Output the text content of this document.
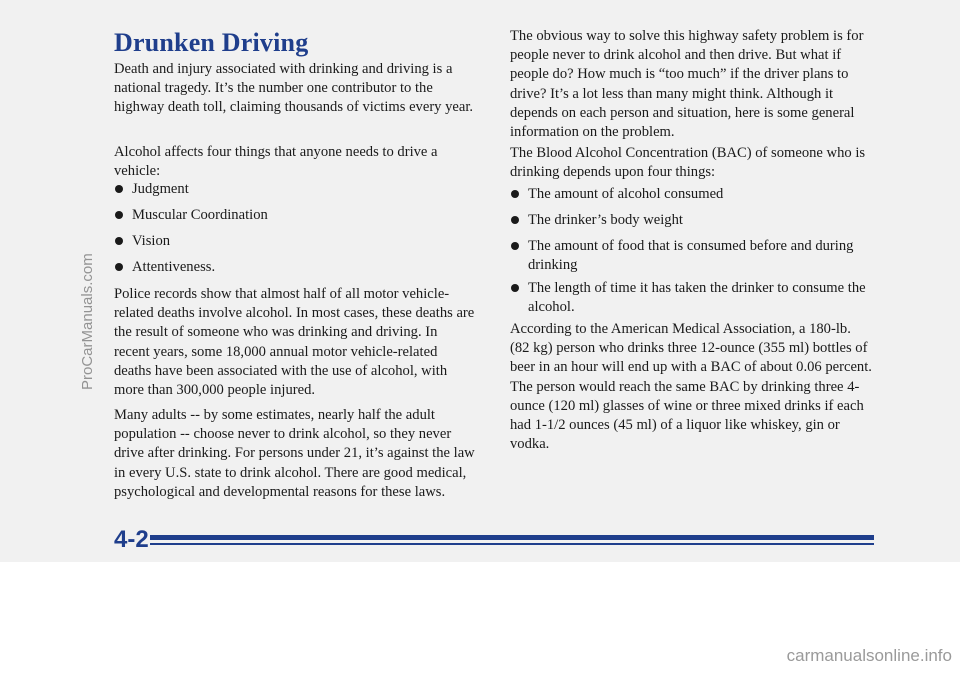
Drunken Driving

Death and injury associated with drinking and driving is a national tragedy. It’s the number one contributor to the highway death toll, claiming thousands of victims every year.

Alcohol affects four things that anyone needs to drive a vehicle:

Judgment
Muscular Coordination
Vision
Attentiveness.

Police records show that almost half of all motor vehicle-related deaths involve alcohol. In most cases, these deaths are the result of someone who was drinking and driving. In recent years, some 18,000 annual motor vehicle-related deaths have been associated with the use of alcohol, with more than 300,000 people injured.

Many adults -- by some estimates, nearly half the adult population -- choose never to drink alcohol, so they never drive after drinking. For persons under 21, it’s against the law in every U.S. state to drink alcohol. There are good medical, psychological and developmental reasons for these laws.

The obvious way to solve this highway safety problem is for people never to drink alcohol and then drive. But what if people do? How much is “too much” if the driver plans to drive? It’s a lot less than many might think. Although it depends on each person and situation, here is some general information on the problem.

The Blood Alcohol Concentration (BAC) of someone who is drinking depends upon four things:

The amount of alcohol consumed
The drinker’s body weight
The amount of food that is consumed before and during drinking
The length of time it has taken the drinker to consume the alcohol.

According to the American Medical Association, a 180-lb. (82 kg) person who drinks three 12-ounce (355 ml) bottles of beer in an hour will end up with a BAC of about 0.06 percent. The person would reach the same BAC by drinking three 4-ounce (120 ml) glasses of wine or three mixed drinks if each had 1-1/2 ounces (45 ml) of a liquor like whiskey, gin or vodka.

4-2
ProCarManuals.com
carmanualsonline.info
